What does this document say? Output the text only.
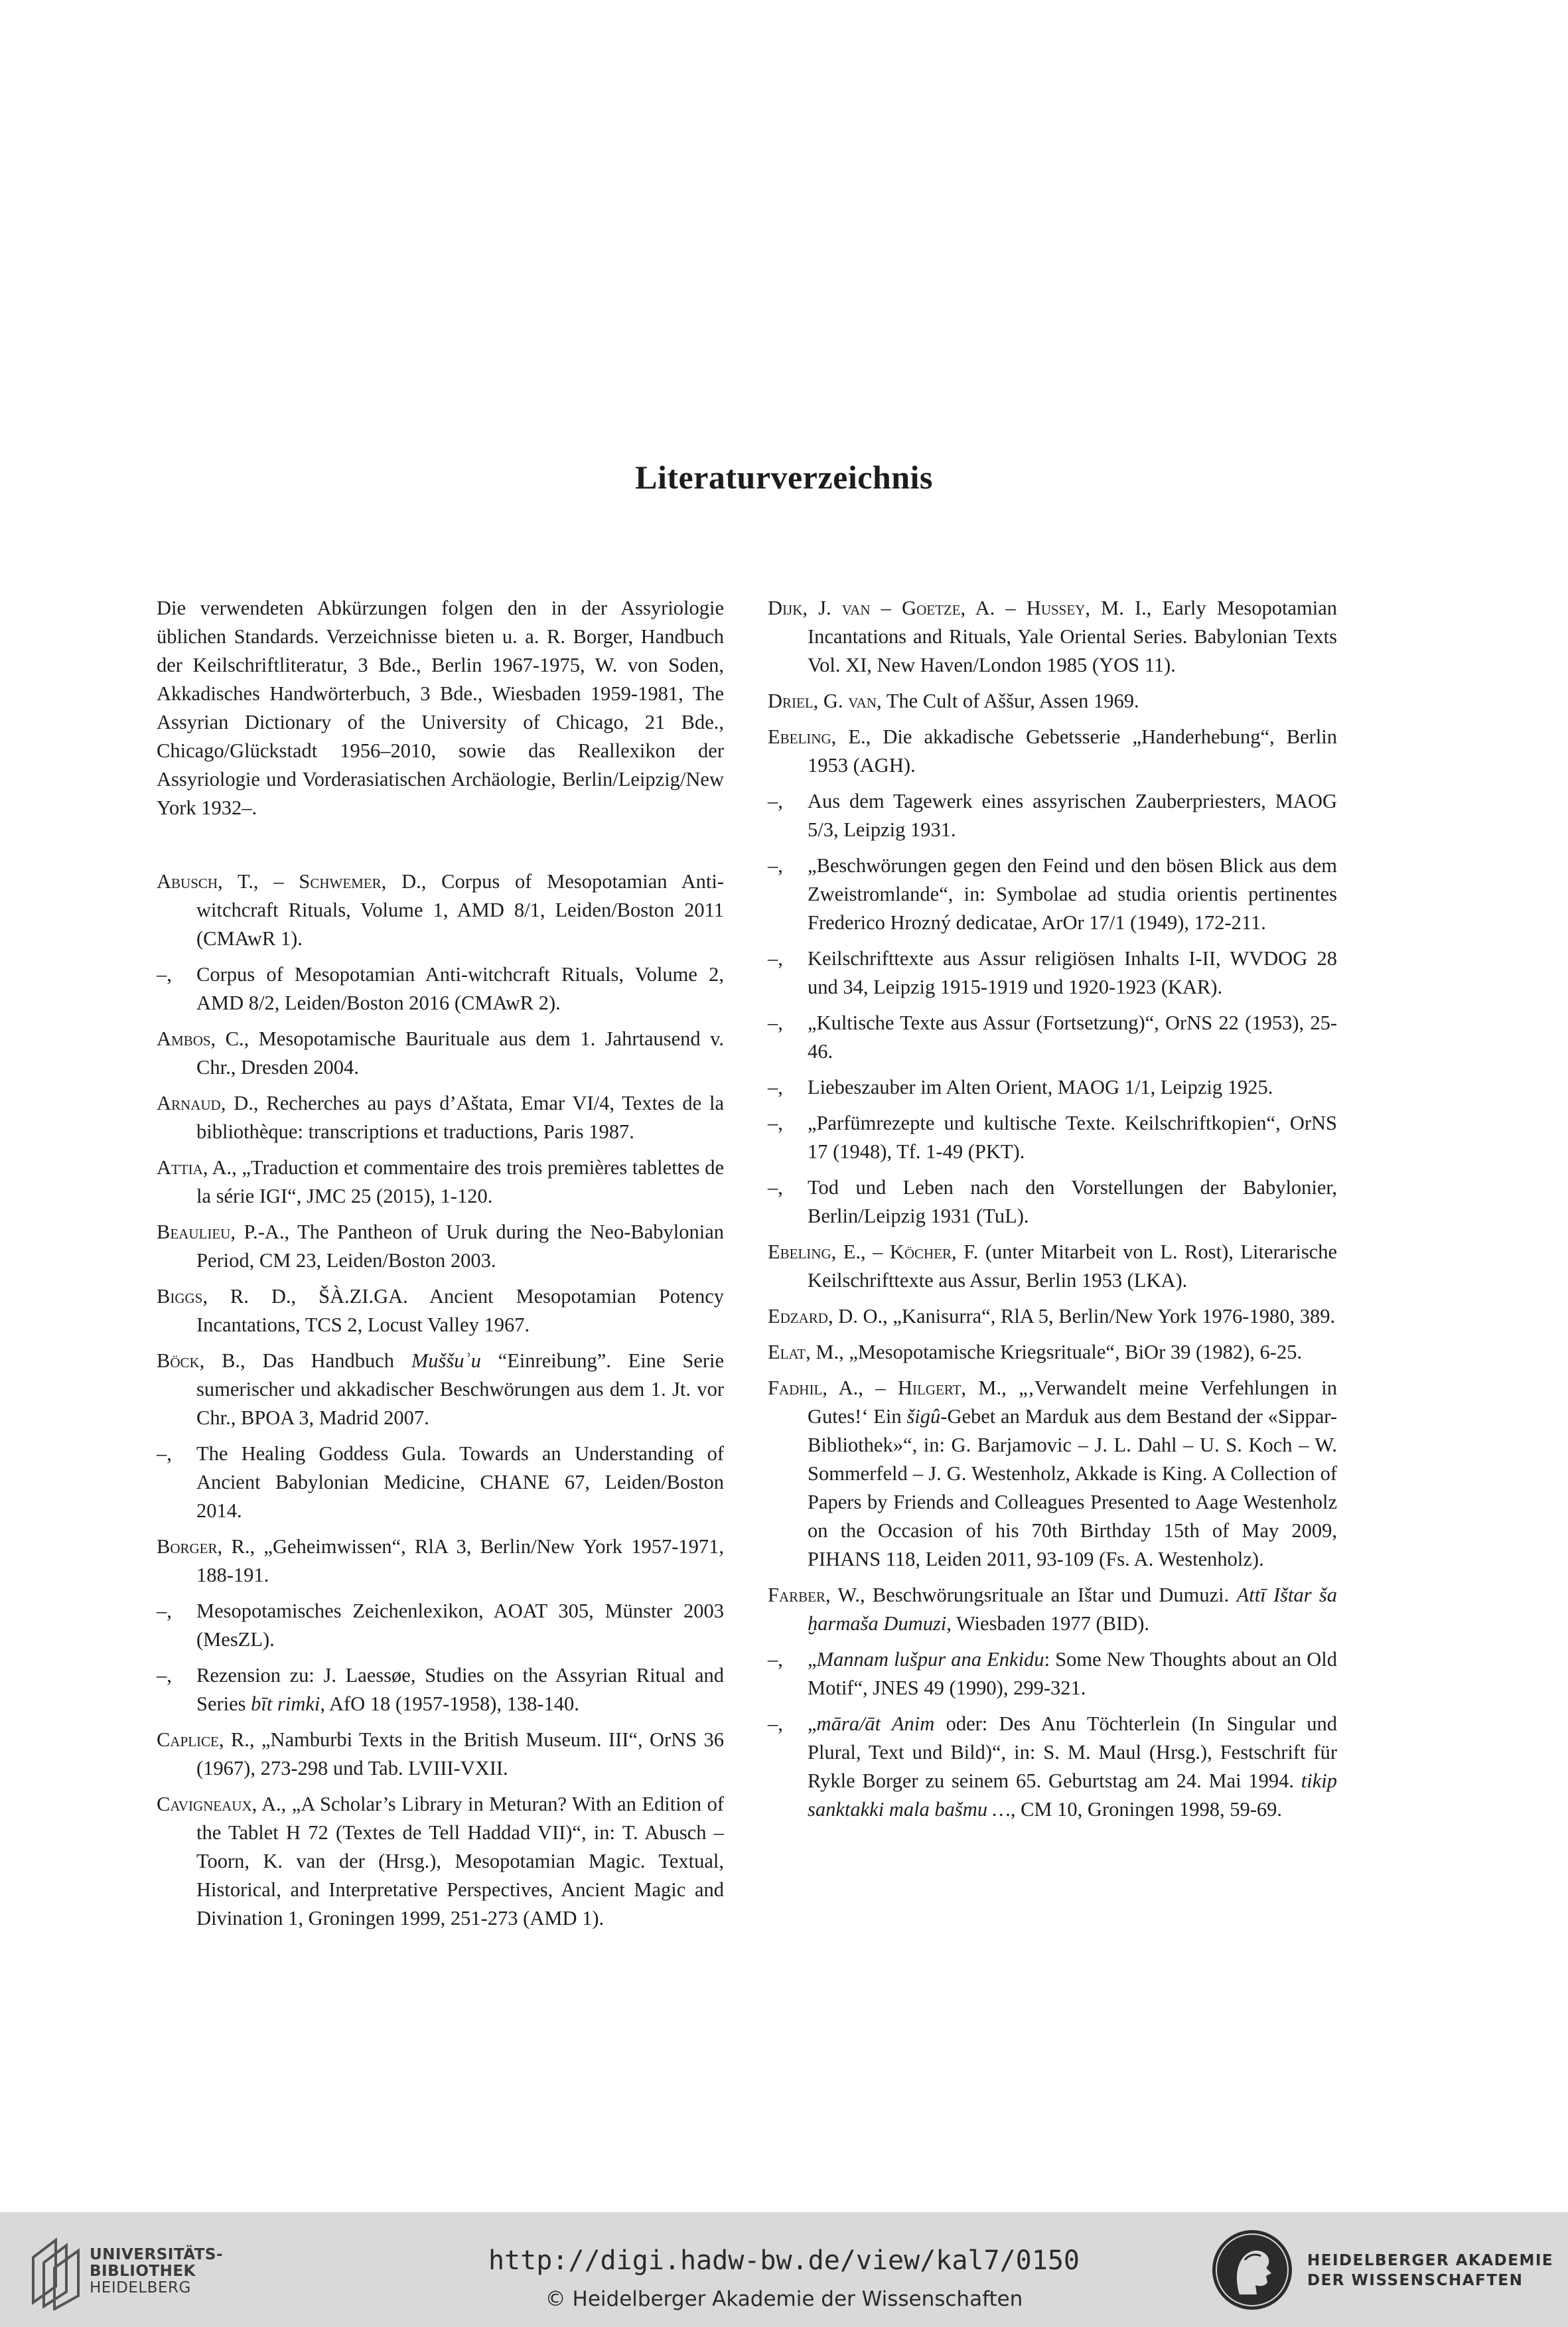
Literaturverzeichnis

Die verwendeten Abkürzungen folgen den in der Assyriologie üblichen Standards. Verzeichnisse bieten u. a. R. Borger, Handbuch der Keilschriftliteratur, 3 Bde., Berlin 1967-1975, W. von Soden, Akkadisches Handwörterbuch, 3 Bde., Wiesbaden 1959-1981, The Assyrian Dictionary of the University of Chicago, 21 Bde., Chicago/Glückstadt 1956–2010, sowie das Reallexikon der Assyriologie und Vorderasiatischen Archäologie, Berlin/Leipzig/New York 1932–.

Abusch, T., – Schwemer, D., Corpus of Mesopotamian Anti-witchcraft Rituals, Volume 1, AMD 8/1, Leiden/Boston 2011 (CMAwR 1).

–, Corpus of Mesopotamian Anti-witchcraft Rituals, Volume 2, AMD 8/2, Leiden/Boston 2016 (CMAwR 2).

Ambos, C., Mesopotamische Baurituale aus dem 1. Jahrtausend v. Chr., Dresden 2004.

Arnaud, D., Recherches au pays d’Aštata, Emar VI/4, Textes de la bibliothèque: transcriptions et traductions, Paris 1987.

Attia, A., „Traduction et commentaire des trois premières tablettes de la série IGI“, JMC 25 (2015), 1-120.

Beaulieu, P.-A., The Pantheon of Uruk during the Neo-Babylonian Period, CM 23, Leiden/Boston 2003.

Biggs, R. D., ŠÀ.ZI.GA. Ancient Mesopotamian Potency Incantations, TCS 2, Locust Valley 1967.

Böck, B., Das Handbuch Muššuʾu “Einreibung”. Eine Serie sumerischer und akkadischer Beschwörungen aus dem 1. Jt. vor Chr., BPOA 3, Madrid 2007.

–, The Healing Goddess Gula. Towards an Understanding of Ancient Babylonian Medicine, CHANE 67, Leiden/Boston 2014.

Borger, R., „Geheimwissen“, RlA 3, Berlin/New York 1957-1971, 188-191.

–, Mesopotamisches Zeichenlexikon, AOAT 305, Münster 2003 (MesZL).

–, Rezension zu: J. Laessøe, Studies on the Assyrian Ritual and Series bīt rimki, AfO 18 (1957-1958), 138-140.

Caplice, R., „Namburbi Texts in the British Museum. III“, OrNS 36 (1967), 273-298 und Tab. LVIII-VXII.

Cavigneaux, A., „A Scholar’s Library in Meturan? With an Edition of the Tablet H 72 (Textes de Tell Haddad VII)“, in: T. Abusch – Toorn, K. van der (Hrsg.), Mesopotamian Magic. Textual, Historical, and Interpretative Perspectives, Ancient Magic and Divination 1, Groningen 1999, 251-273 (AMD 1).

Dijk, J. van – Goetze, A. – Hussey, M. I., Early Mesopotamian Incantations and Rituals, Yale Oriental Series. Babylonian Texts Vol. XI, New Haven/London 1985 (YOS 11).

Driel, G. van, The Cult of Aššur, Assen 1969.

Ebeling, E., Die akkadische Gebetsserie „Handerhebung“, Berlin 1953 (AGH).

–, Aus dem Tagewerk eines assyrischen Zauberpriesters, MAOG 5/3, Leipzig 1931.

–, „Beschwörungen gegen den Feind und den bösen Blick aus dem Zweistromlande“, in: Symbolae ad studia orientis pertinentes Frederico Hrozný dedicatae, ArOr 17/1 (1949), 172-211.

–, Keilschrifttexte aus Assur religiösen Inhalts I-II, WVDOG 28 und 34, Leipzig 1915-1919 und 1920-1923 (KAR).

–, „Kultische Texte aus Assur (Fortsetzung)“, OrNS 22 (1953), 25-46.

–, Liebeszauber im Alten Orient, MAOG 1/1, Leipzig 1925.

–, „Parfümrezepte und kultische Texte. Keilschriftkopien“, OrNS 17 (1948), Tf. 1-49 (PKT).

–, Tod und Leben nach den Vorstellungen der Babylonier, Berlin/Leipzig 1931 (TuL).

Ebeling, E., – Köcher, F. (unter Mitarbeit von L. Rost), Literarische Keilschrifttexte aus Assur, Berlin 1953 (LKA).

Edzard, D. O., „Kanisurra“, RlA 5, Berlin/New York 1976-1980, 389.

Elat, M., „Mesopotamische Kriegsrituale“, BiOr 39 (1982), 6-25.

Fadhil, A., – Hilgert, M., „‚Verwandelt meine Verfehlungen in Gutes!‘ Ein šigû-Gebet an Marduk aus dem Bestand der «Sippar-Bibliothek»“, in: G. Barjamovic – J. L. Dahl – U. S. Koch – W. Sommerfeld – J. G. Westenholz, Akkade is King. A Collection of Papers by Friends and Colleagues Presented to Aage Westenholz on the Occasion of his 70th Birthday 15th of May 2009, PIHANS 118, Leiden 2011, 93-109 (Fs. A. Westenholz).

Farber, W., Beschwörungsrituale an Ištar und Dumuzi. Attī Ištar ša ḫarmaša Dumuzi, Wiesbaden 1977 (BID).

–, „Mannam lušpur ana Enkidu: Some New Thoughts about an Old Motif“, JNES 49 (1990), 299-321.

–, „māra/āt Anim oder: Des Anu Töchterlein (In Singular und Plural, Text und Bild)“, in: S. M. Maul (Hrsg.), Festschrift für Rykle Borger zu seinem 65. Geburtstag am 24. Mai 1994. tikip sanktakki mala bašmu …, CM 10, Groningen 1998, 59-69.

UNIVERSITÄTS-
BIBLIOTHEK
HEIDELBERG
http://digi.hadw-bw.de/view/kal7/0150
© Heidelberger Akademie der Wissenschaften
HEIDELBERGER AKADEMIE
DER WISSENSCHAFTEN
